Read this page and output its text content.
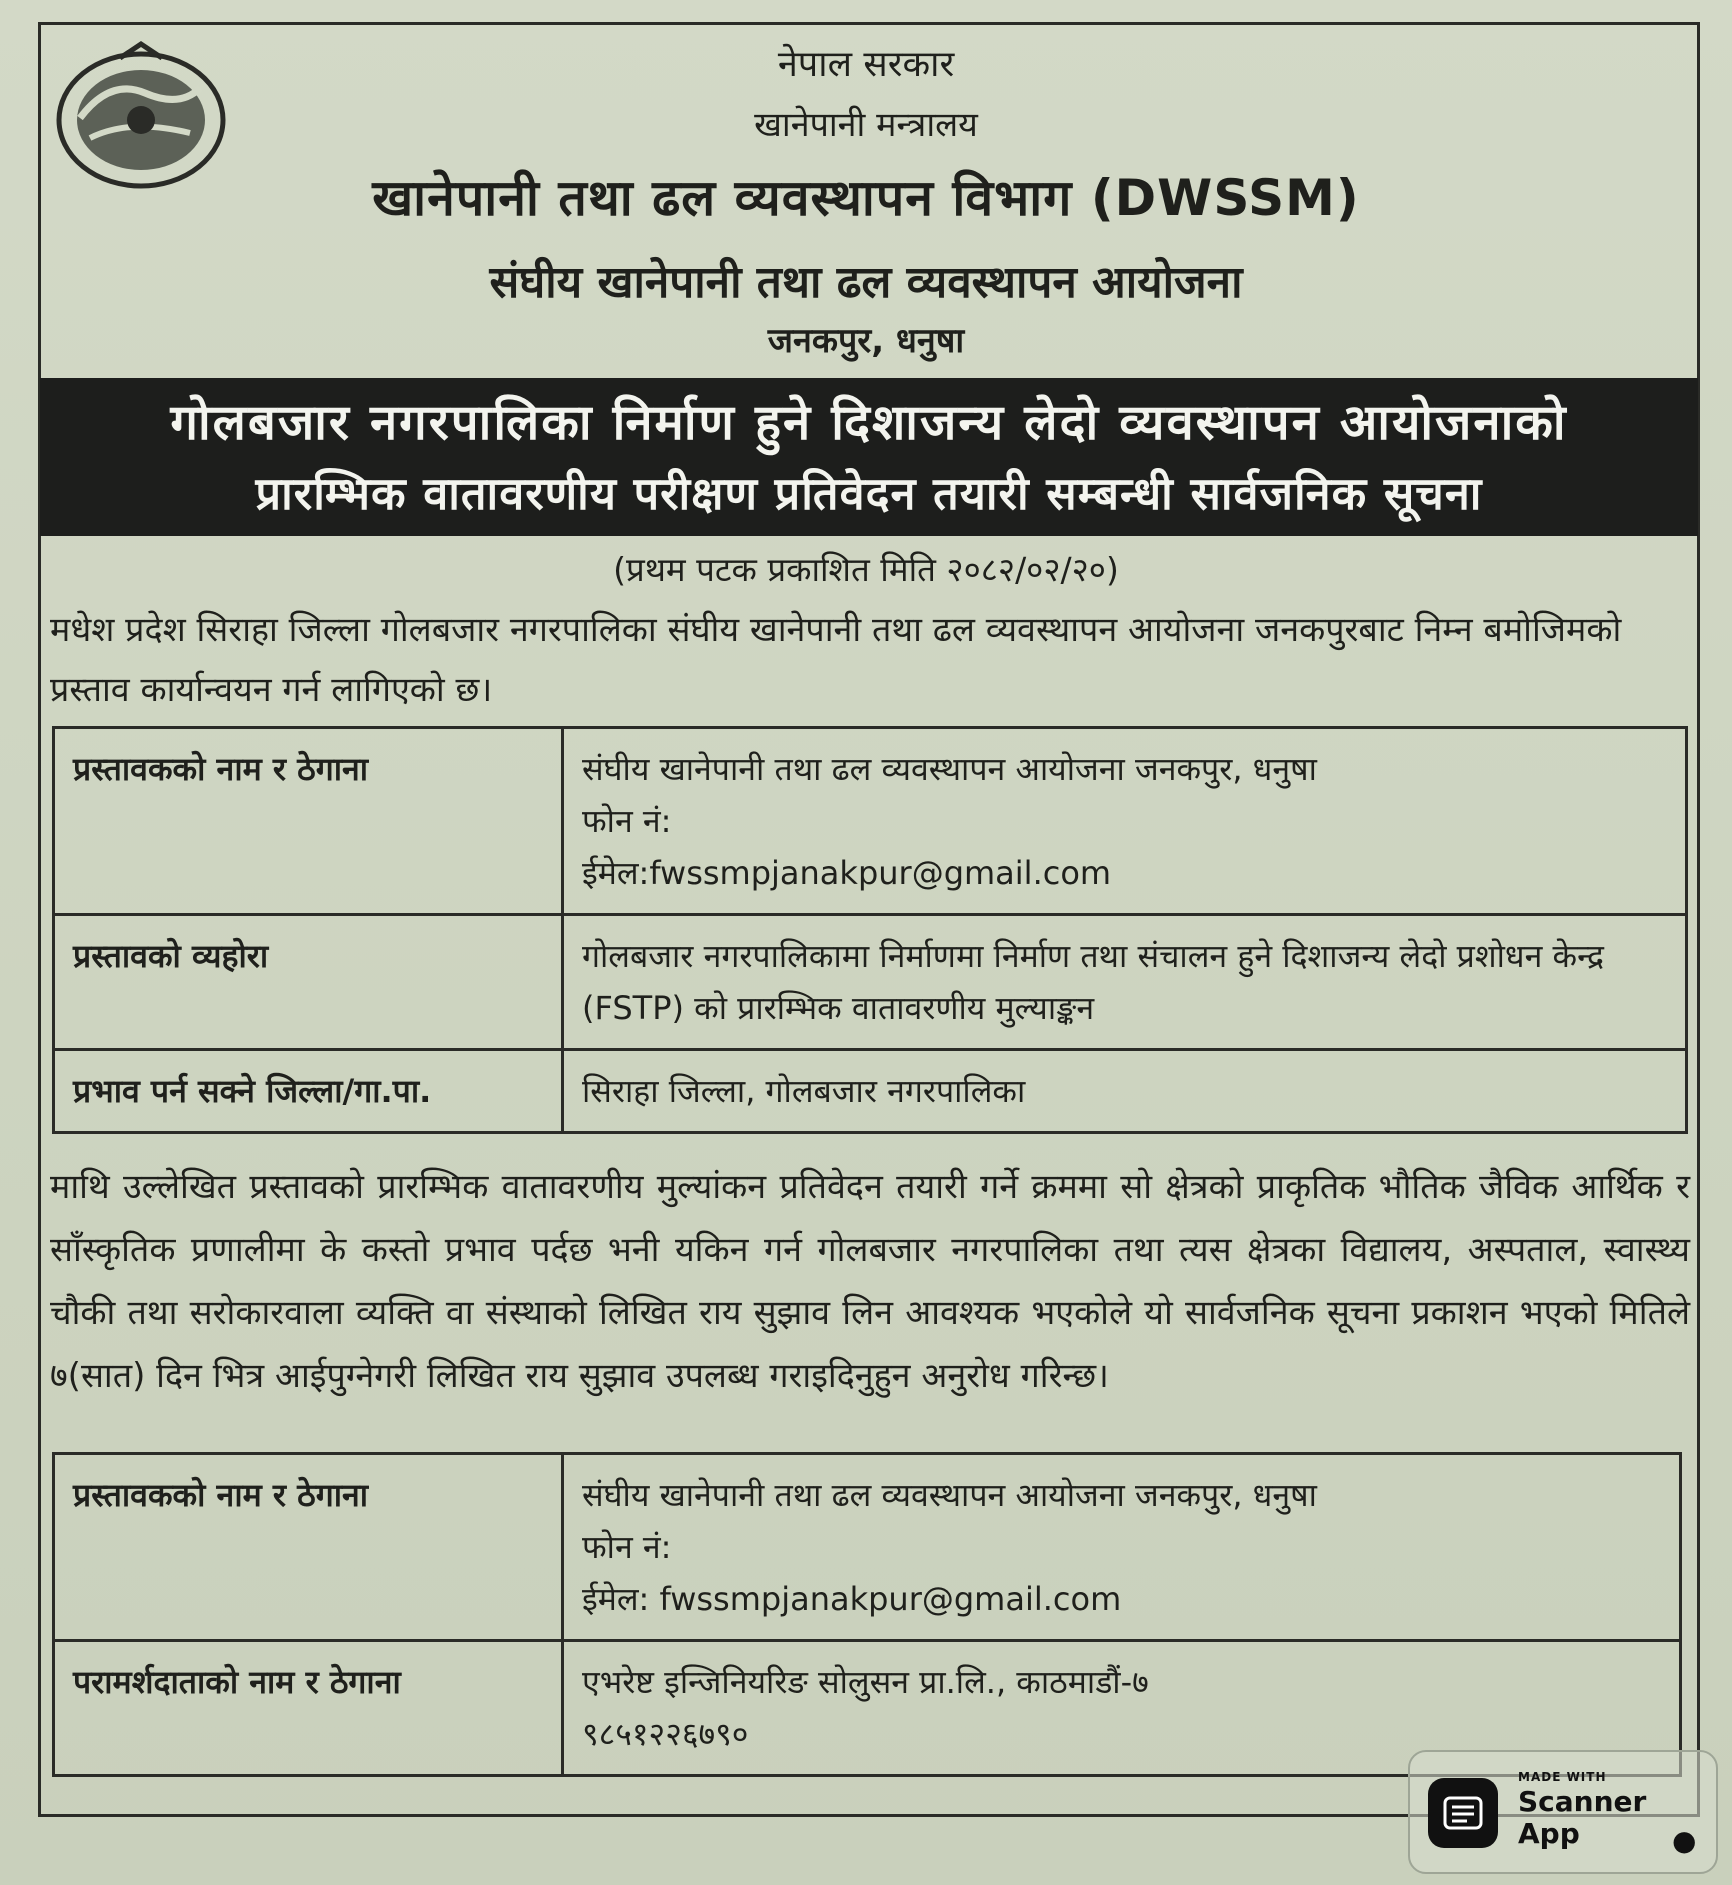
नेपाल सरकार
खानेपानी मन्त्रालय
खानेपानी तथा ढल व्यवस्थापन विभाग (DWSSM)
संघीय खानेपानी तथा ढल व्यवस्थापन आयोजना
जनकपुर, धनुषा
गोलबजार नगरपालिका निर्माण हुने दिशाजन्य लेदो व्यवस्थापन आयोजनाको
प्रारम्भिक वातावरणीय परीक्षण प्रतिवेदन तयारी सम्बन्धी सार्वजनिक सूचना
(प्रथम पटक प्रकाशित मिति २०८२/०२/२०)
मधेश प्रदेश सिराहा जिल्ला गोलबजार नगरपालिका संघीय खानेपानी तथा ढल व्यवस्थापन आयोजना जनकपुरबाट निम्न बमोजिमको प्रस्ताव कार्यान्वयन गर्न लागिएको छ।
प्रस्तावकको नाम र ठेगाना	संघीय खानेपानी तथा ढल व्यवस्थापन आयोजना जनकपुर, धनुषा
फोन नं:
ईमेल:fwssmpjanakpur@gmail.com

प्रस्तावको व्यहोरा	गोलबजार नगरपालिकामा निर्माणमा निर्माण तथा संचालन हुने दिशाजन्य लेदो प्रशोधन केन्द्र (FSTP) को प्रारम्भिक वातावरणीय मुल्याङ्कन
प्रभाव पर्न सक्ने जिल्ला/गा.पा.	सिराहा जिल्ला, गोलबजार नगरपालिका
माथि उल्लेखित प्रस्तावको प्रारम्भिक वातावरणीय मुल्यांकन प्रतिवेदन तयारी गर्ने क्रममा सो क्षेत्रको प्राकृतिक भौतिक जैविक आर्थिक र साँस्कृतिक प्रणालीमा के कस्तो प्रभाव पर्दछ भनी यकिन गर्न गोलबजार नगरपालिका तथा त्यस क्षेत्रका विद्यालय, अस्पताल, स्वास्थ्य चौकी तथा सरोकारवाला व्यक्ति वा संस्थाको लिखित राय सुझाव लिन आवश्यक भएकोले यो सार्वजनिक सूचना प्रकाशन भएको मितिले ७(सात) दिन भित्र आईपुग्नेगरी लिखित राय सुझाव उपलब्ध गराइदिनुहुन अनुरोध गरिन्छ।
प्रस्तावकको नाम र ठेगाना	संघीय खानेपानी तथा ढल व्यवस्थापन आयोजना जनकपुर, धनुषा
फोन नं:
ईमेल: fwssmpjanakpur@gmail.com

परामर्शदाताको नाम र ठेगाना	एभरेष्ट इन्जिनियरिङ सोलुसन प्रा.लि., काठमाडौं-७
९८५१२२६७९०
MADE WITH
Scanner
App	●
